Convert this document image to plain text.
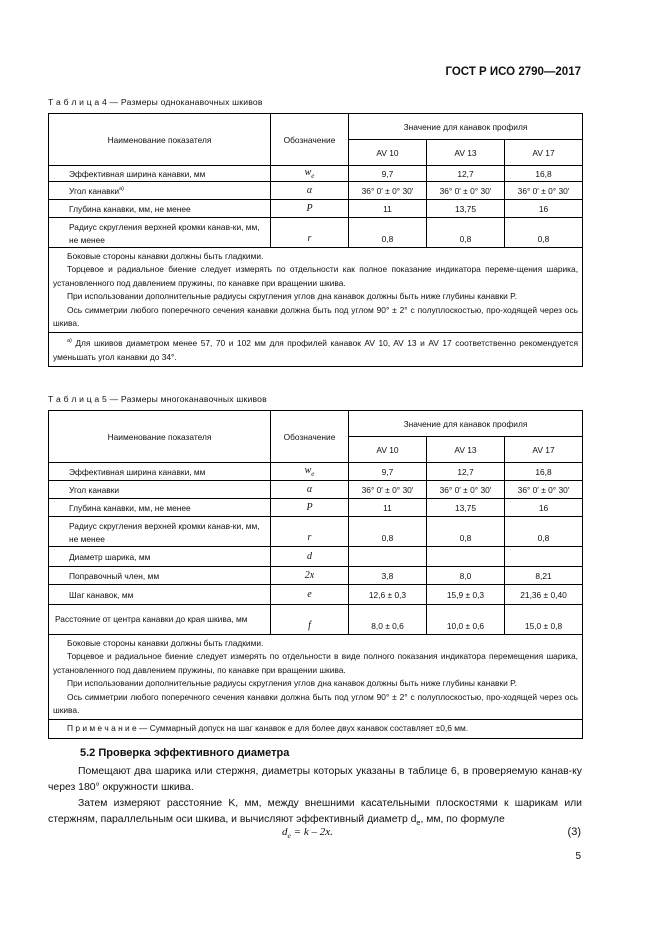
ГОСТ Р ИСО 2790—2017
Т а б л и ц а 4 — Размеры одноканавочных шкивов
Наименование показателя	Обозначение	Значение для канавок профиля		
		AV 10	AV 13	AV 17
Эффективная ширина канавки, мм	$w_e$	9,7	12,7	16,8
Угол канавки$^{a)}$	α	36° 0′ ± 0° 30′	36° 0′ ± 0° 30′	36° 0′ ± 0° 30′
Глубина канавки, мм, не менее	P	11	13,75	16
Радиус скругления верхней кромки канав-ки, мм, не менее	r	0,8	0,8	0,8

Боковые стороны канавки должны быть гладкими.

Торцевое и радиальное биение следует измерять по отдельности как полное показание индикатора переме-щения шарика, установленного под давлением пружины, по канавке при вращении шкива.

При использовании дополнительные радиусы скругления углов дна канавок должны быть ниже глубины канавки P.

Ось симметрии любого поперечного сечения канавки должна быть под углом 90° ± 2° с полуплоскостью, про-ходящей через ось шкива.				

$^{a)}$ Для шкивов диаметром менее 57, 70 и 102 мм для профилей канавок AV 10, AV 13 и AV 17 соответственно рекомендуется уменьшать угол канавки до 34°.				

Т а б л и ц а 5 — Размеры многоканавочных шкивов
Наименование показателя	Обозначение	Значение для канавок профиля		
		AV 10	AV 13	AV 17
Эффективная ширина канавки, мм	$w_e$	9,7	12,7	16,8
Угол канавки	α	36° 0′ ± 0° 30′	36° 0′ ± 0° 30′	36° 0′ ± 0° 30′
Глубина канавки, мм, не менее	P	11	13,75	16
Радиус скругления верхней кромки канав-ки, мм, не менее	r	0,8	0,8	0,8
Диаметр шарика, мм	d			
Поправочный член, мм	2x	3,8	8,0	8,21
Шаг канавок, мм	e	12,6 ± 0,3	15,9 ± 0,3	21,36 ± 0,40
Расстояние от центра канавки до края шкива, мм	f	8,0 ± 0,6	10,0 ± 0,6	15,0 ± 0,8

Боковые стороны канавки должны быть гладкими.

Торцевое и радиальное биение следует измерять по отдельности в виде полного показания индикатора перемещения шарика, установленного под давлением пружины, по канавке при вращении шкива.

При использовании дополнительные радиусы скругления углов дна канавок должны быть ниже глубины канавки P.

Ось симметрии любого поперечного сечения канавки должна быть под углом 90° ± 2° с полуплоскостью, про-ходящей через ось шкива.				

П р и м е ч а н и е — Суммарный допуск на шаг канавок e для более двух канавок составляет ±0,6 мм.				

5.2 Проверка эффективного диаметра

Помещают два шарика или стержня, диаметры которых указаны в таблице 6, в проверяемую канав-ку через 180° окружности шкива.

Затем измеряют расстояние K, мм, между внешними касательными плоскостями к шарикам или стержням, параллельным оси шкива, и вычисляют эффективный диаметр $d_e$, мм, по формуле

$d_e = k - 2x$.	(3)
5
